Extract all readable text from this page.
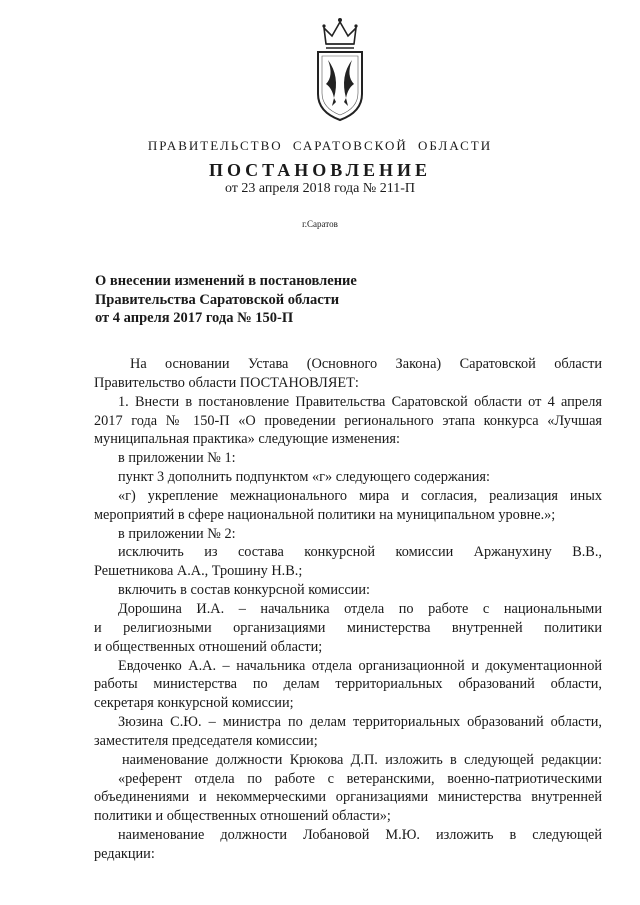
ПРАВИТЕЛЬСТВО САРАТОВСКОЙ ОБЛАСТИ
ПОСТАНОВЛЕНИЕ
от 23 апреля 2018 года № 211-П
г.Саратов
О внесении изменений в постановление
Правительства Саратовской области
от 4 апреля 2017 года № 150-П
На основании Устава (Основного Закона) Саратовской области
Правительство области ПОСТАНОВЛЯЕТ:
1. Внести в постановление Правительства Саратовской области от 4 апреля
2017 года № 150-П «О проведении регионального этапа конкурса «Лучшая
муниципальная практика» следующие изменения:
в приложении № 1:
пункт 3 дополнить подпунктом «г» следующего содержания:
«г) укрепление межнационального мира и согласия, реализация иных
мероприятий в сфере национальной политики на муниципальном уровне.»;
в приложении № 2:
исключить из состава конкурсной комиссии Аржанухину В.В.,
Решетникова А.А., Трошину Н.В.;
включить в состав конкурсной комиссии:
Дорошина И.А. – начальника отдела по работе с национальными
и религиозными организациями министерства внутренней политики
и общественных отношений области;
Евдоченко А.А. – начальника отдела организационной и документационной
работы министерства по делам территориальных образований области,
секретаря конкурсной комиссии;
Зюзина С.Ю. – министра по делам территориальных образований области,
заместителя председателя комиссии;
наименование должности Крюкова Д.П. изложить в следующей редакции:
«референт отдела по работе с ветеранскими, военно-патриотическими
объединениями и некоммерческими организациями министерства внутренней
политики и общественных отношений области»;
наименование должности Лобановой М.Ю. изложить в следующей
редакции:
